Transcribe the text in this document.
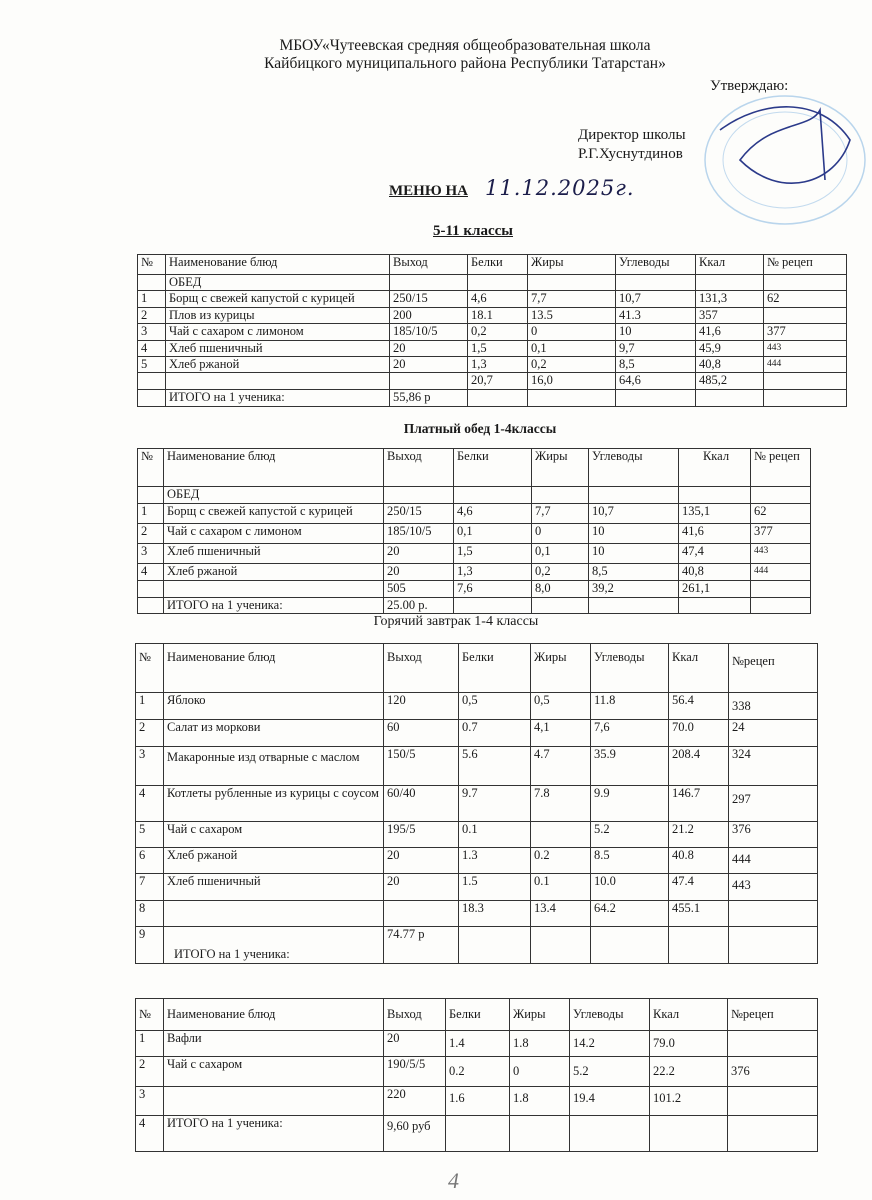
МБОУ«Чутеевская средняя общеобразовательная школа
Кайбицкого муниципального района Республики Татарстан»
Утверждаю:
Директор школы
Р.Г.Хуснутдинов
МЕНЮ НА 11.12.2025г.
5-11 классы
№	Наименование блюд	Выход	Белки	Жиры	Углеводы	Ккал	№ рецеп
	ОБЕД						
1	Борщ с свежей капустой с курицей	250/15	4,6	7,7	10,7	131,3	62
2	Плов из курицы	200	18.1	13.5	41.3	357	
3	Чай с сахаром с лимоном	185/10/5	0,2	0	10	41,6	377
4	Хлеб пшеничный	20	1,5	0,1	9,7	45,9	443
5	Хлеб ржаной	20	1,3	0,2	8,5	40,8	444
			20,7	16,0	64,6	485,2	
	ИТОГО на 1 ученика:	55,86 р					
Платный обед 1-4классы
№	Наименование блюд	Выход	Белки	Жиры	Углеводы	Ккал	№ рецеп
	ОБЕД						
1	Борщ с свежей капустой с курицей	250/15	4,6	7,7	10,7	135,1	62
2	Чай с сахаром с лимоном	185/10/5	0,1	0	10	41,6	377
3	Хлеб пшеничный	20	1,5	0,1	10	47,4	443
4	Хлеб ржаной	20	1,3	0,2	8,5	40,8	444
		505	7,6	8,0	39,2	261,1	
	ИТОГО на 1 ученика:	25.00 р.					
Горячий завтрак 1-4 классы
№	Наименование блюд	Выход	Белки	Жиры	Углеводы	Ккал	№рецеп
1	Яблоко	120	0,5	0,5	11.8	56.4	338
2	Салат из моркови	60	0.7	4,1	7,6	70.0	24
3	Макаронные изд отварные с маслом	150/5	5.6	4.7	35.9	208.4	324
4	Котлеты рубленные из курицы с соусом	60/40	9.7	7.8	9.9	146.7	297
5	Чай с сахаром	195/5	0.1		5.2	21.2	376
6	Хлеб ржаной	20	1.3	0.2	8.5	40.8	444
7	Хлеб пшеничный	20	1.5	0.1	10.0	47.4	443
8			18.3	13.4	64.2	455.1	
9	ИТОГО на 1 ученика:	74.77 р					
№	Наименование блюд	Выход	Белки	Жиры	Углеводы	Ккал	№рецеп
1	Вафли	20	1.4	1.8	14.2	79.0	
2	Чай с сахаром	190/5/5	0.2	0	5.2	22.2	376
3		220	1.6	1.8	19.4	101.2	
4	ИТОГО на 1 ученика:	9,60 руб					
4
